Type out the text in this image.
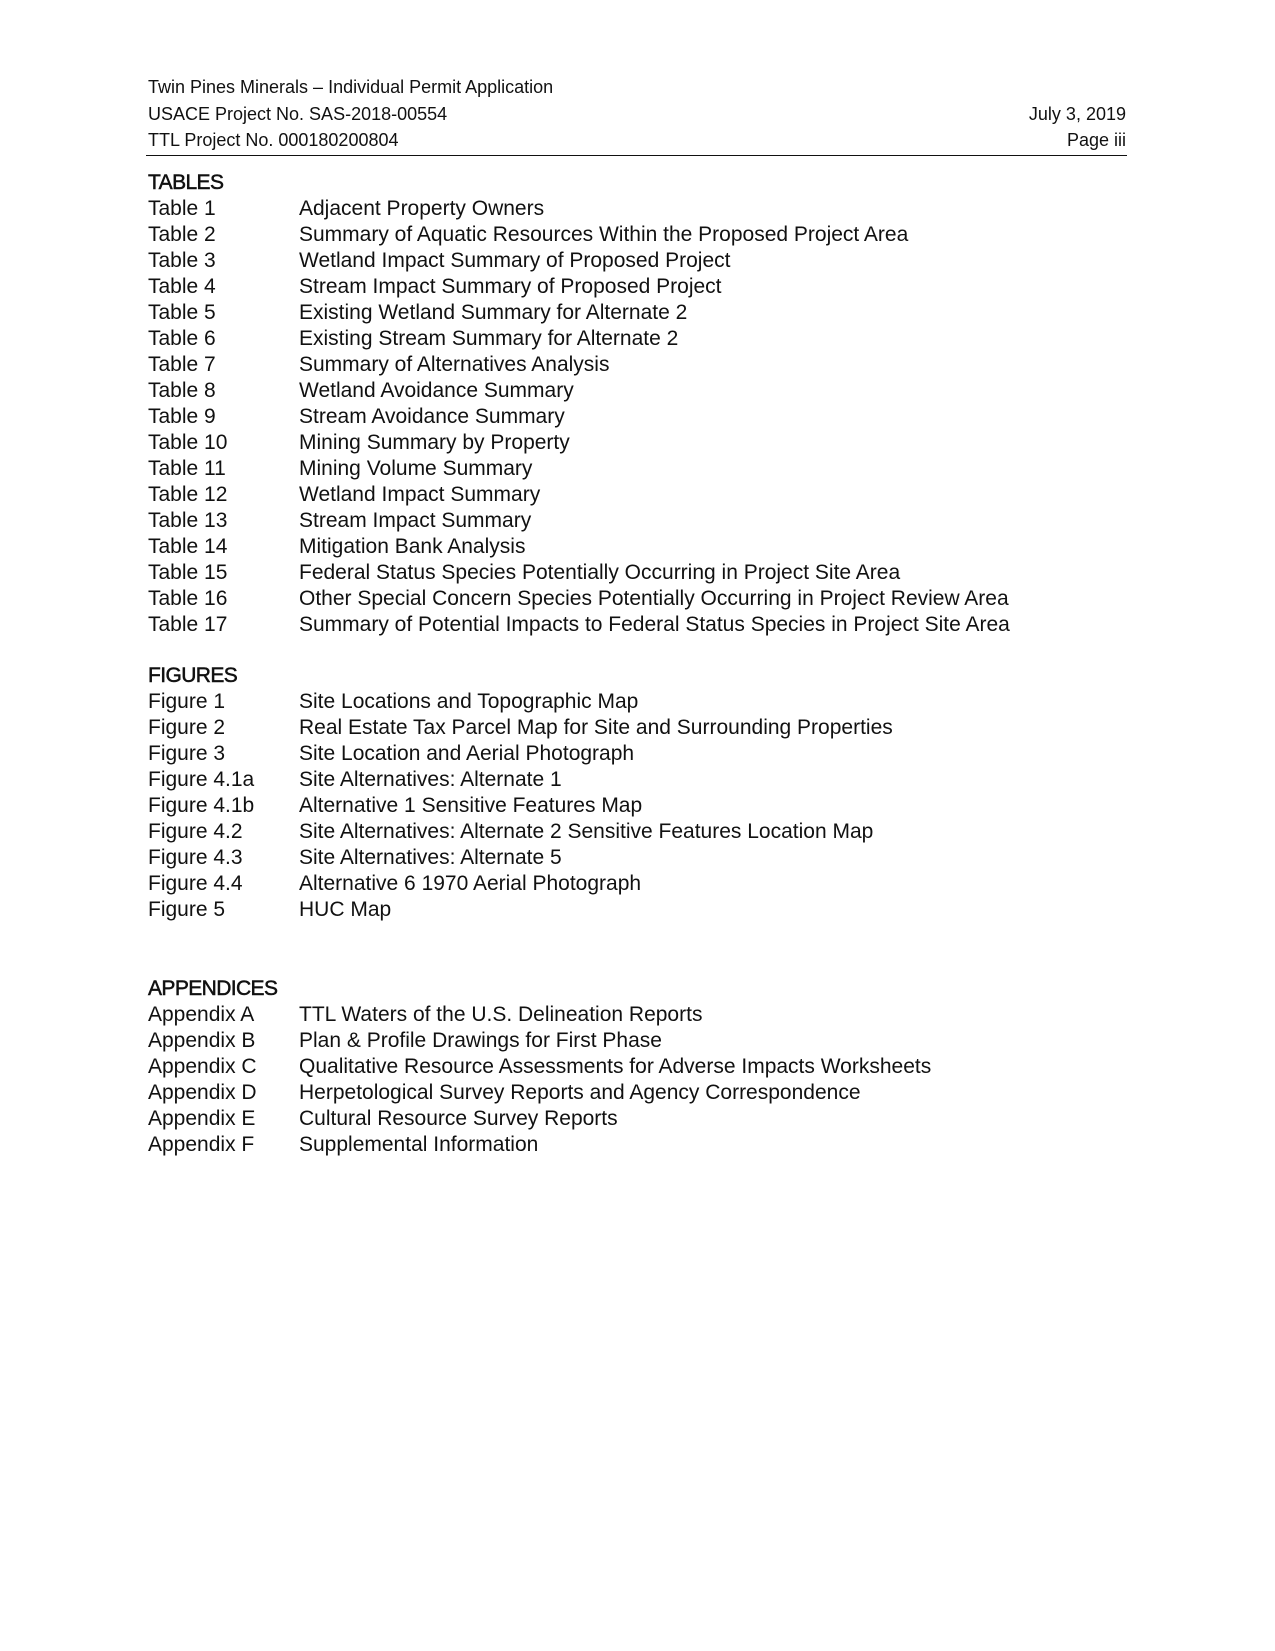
Twin Pines Minerals – Individual Permit Application
USACE Project No. SAS-2018-00554	July 3, 2019
TTL Project No. 000180200804	Page iii
TABLES
Table 1	Adjacent Property Owners
Table 2	Summary of Aquatic Resources Within the Proposed Project Area
Table 3	Wetland Impact Summary of Proposed Project
Table 4	Stream Impact Summary of Proposed Project
Table 5	Existing Wetland Summary for Alternate 2
Table 6	Existing Stream Summary for Alternate 2
Table 7	Summary of Alternatives Analysis
Table 8	Wetland Avoidance Summary
Table 9	Stream Avoidance Summary
Table 10	Mining Summary by Property
Table 11	Mining Volume Summary
Table 12	Wetland Impact Summary
Table 13	Stream Impact Summary
Table 14	Mitigation Bank Analysis
Table 15	Federal Status Species Potentially Occurring in Project Site Area
Table 16	Other Special Concern Species Potentially Occurring in Project Review Area
Table 17	Summary of Potential Impacts to Federal Status Species in Project Site Area
FIGURES
Figure 1	Site Locations and Topographic Map
Figure 2	Real Estate Tax Parcel Map for Site and Surrounding Properties
Figure 3	Site Location and Aerial Photograph
Figure 4.1a	Site Alternatives: Alternate 1
Figure 4.1b	Alternative 1 Sensitive Features Map
Figure 4.2	Site Alternatives: Alternate 2 Sensitive Features Location Map
Figure 4.3	Site Alternatives: Alternate 5
Figure 4.4	Alternative 6 1970 Aerial Photograph
Figure 5	HUC Map
APPENDICES
Appendix A	TTL Waters of the U.S. Delineation Reports
Appendix B	Plan & Profile Drawings for First Phase
Appendix C	Qualitative Resource Assessments for Adverse Impacts Worksheets
Appendix D	Herpetological Survey Reports and Agency Correspondence
Appendix E	Cultural Resource Survey Reports
Appendix F	Supplemental Information
